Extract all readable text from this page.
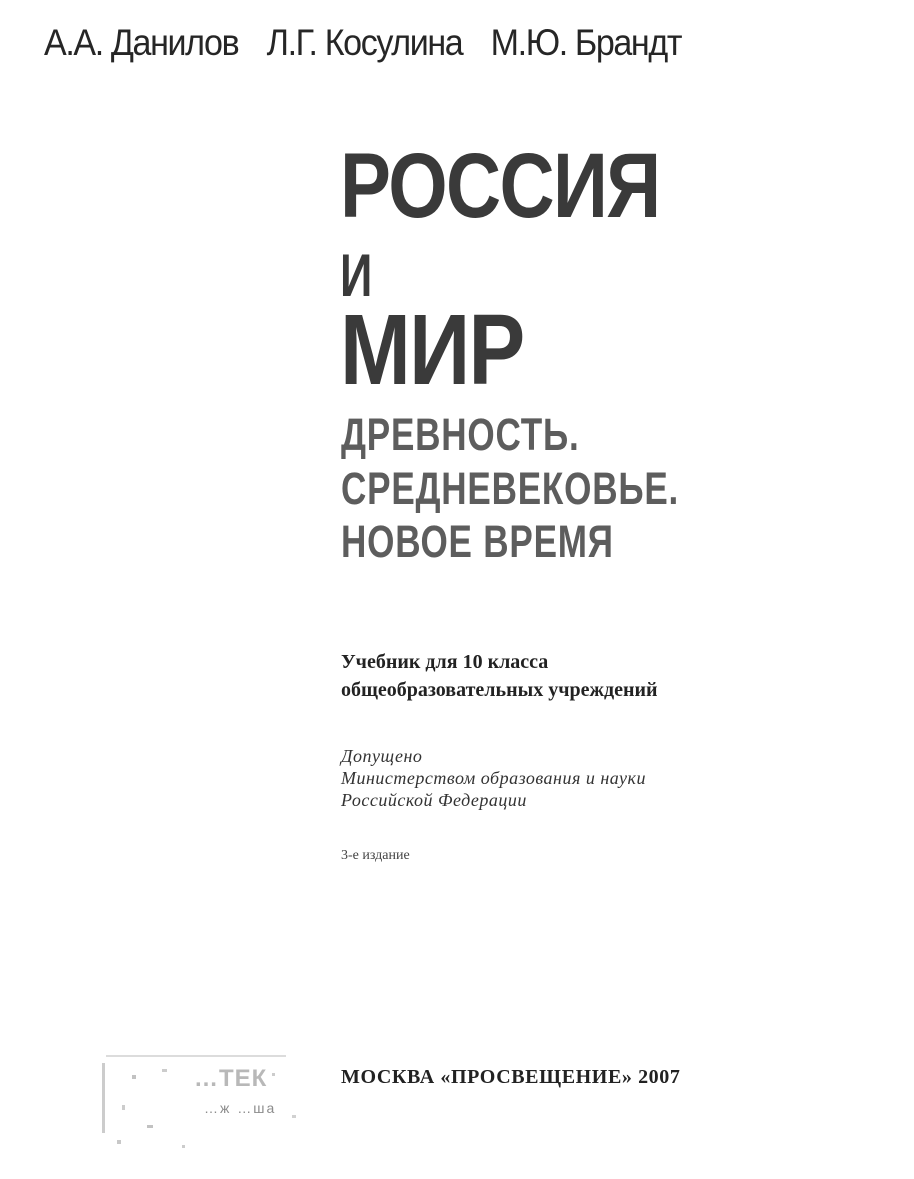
А.А. Данилов Л.Г. Косулина М.Ю. Брандт
РОССИЯ
И
МИР
ДРЕВНОСТЬ.
СРЕДНЕВЕКОВЬЕ.
НОВОЕ ВРЕМЯ
Учебник для 10 класса
общеобразовательных учреждений
Допущено
Министерством образования и науки
Российской Федерации
3-е издание
…ТЕК
…ж …ша
МОСКВА «ПРОСВЕЩЕНИЕ» 2007
